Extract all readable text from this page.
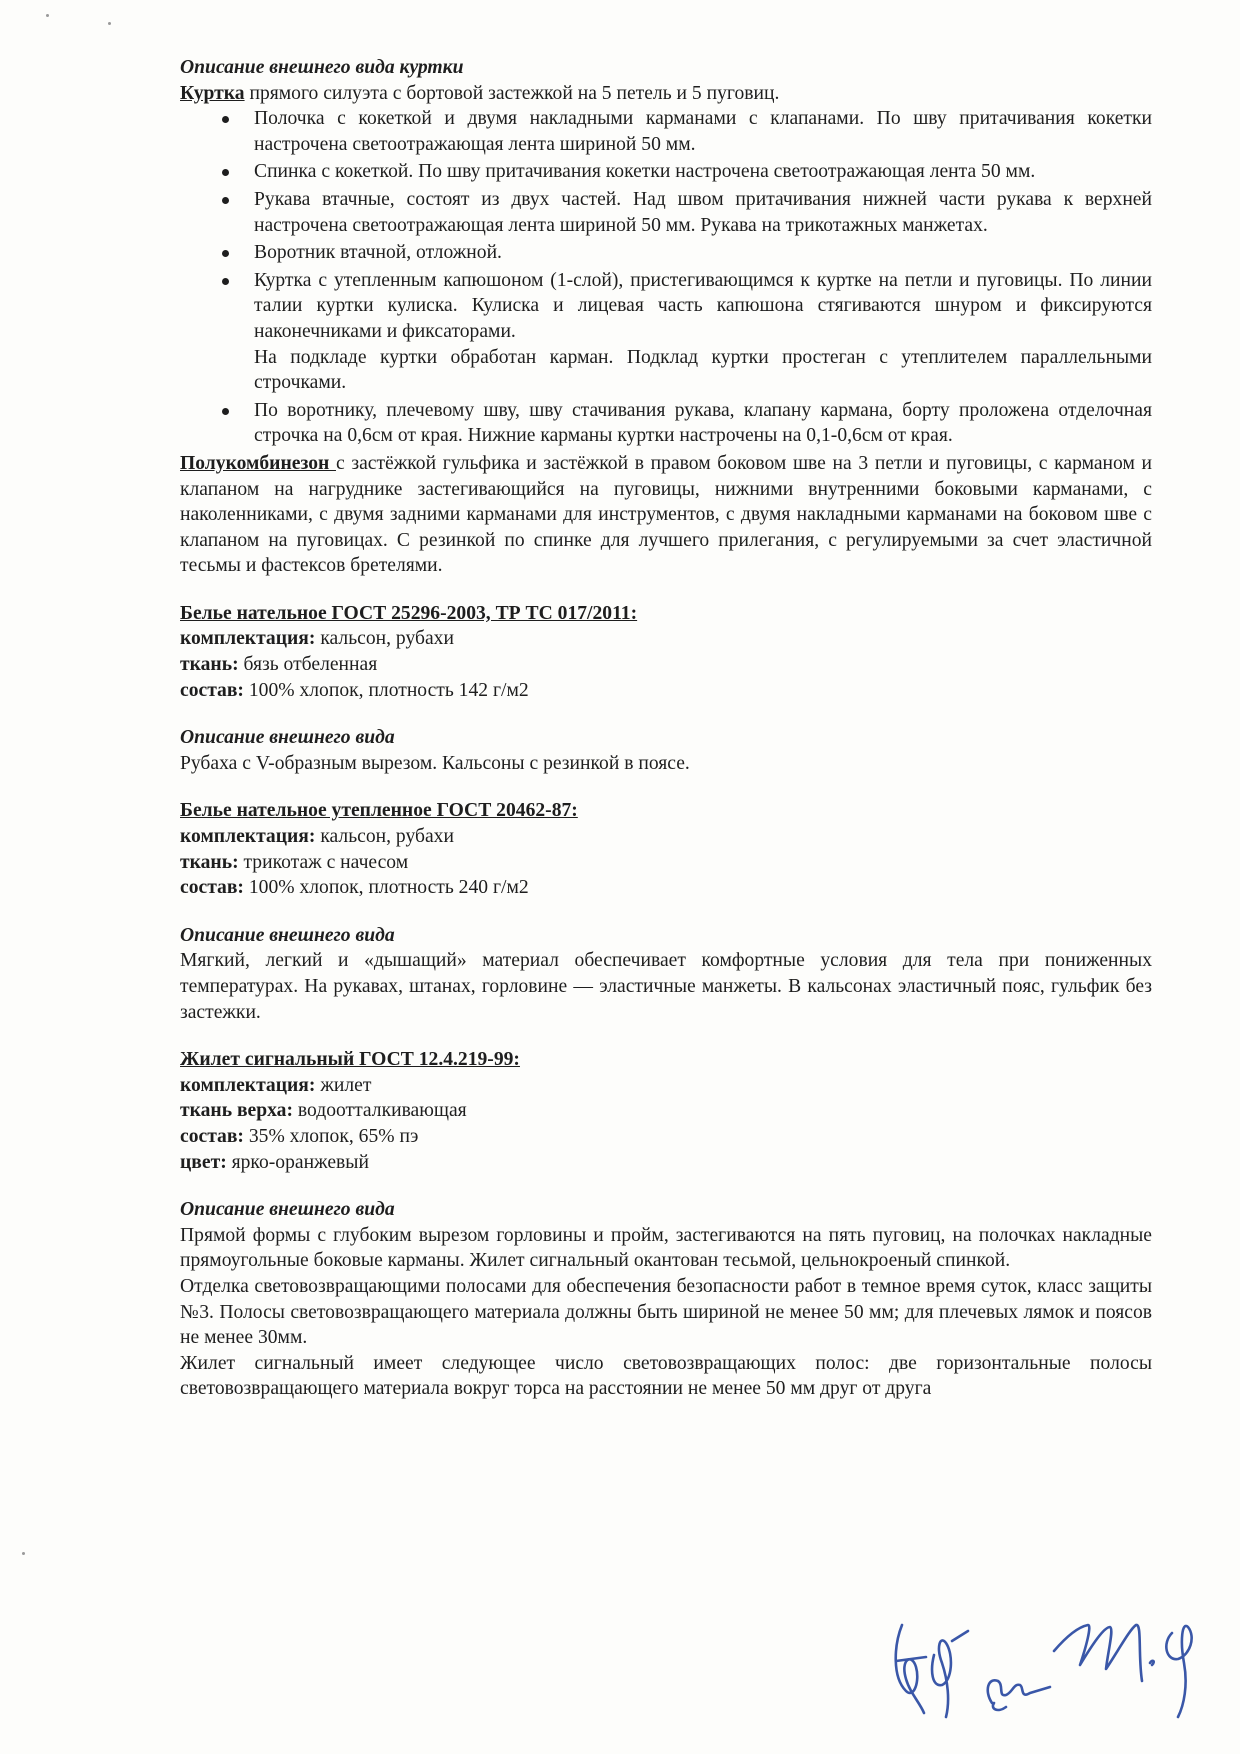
Описание внешнего вида куртки

Куртка прямого силуэта с бортовой застежкой на 5 петель и 5 пуговиц.

Полочка с кокеткой и двумя накладными карманами с клапанами. По шву притачивания кокетки настрочена светоотражающая лента шириной 50 мм.
Спинка с кокеткой. По шву притачивания кокетки настрочена светоотражающая лента 50 мм.
Рукава втачные, состоят из двух частей. Над швом притачивания нижней части рукава к верхней настрочена светоотражающая лента шириной 50 мм. Рукава на трикотажных манжетах.
Воротник втачной, отложной.
Куртка с утепленным капюшоном (1-слой), пристегивающимся к куртке на петли и пуговицы. По линии талии куртки кулиска. Кулиска и лицевая часть капюшона стягиваются шнуром и фиксируются наконечниками и фиксаторами.
На подкладе куртки обработан карман. Подклад куртки простеган с утеплителем параллельными строчками.
По воротнику, плечевому шву, шву стачивания рукава, клапану кармана, борту проложена отделочная строчка на 0,6см от края. Нижние карманы куртки настрочены на 0,1-0,6см от края.

Полукомбинезон с застёжкой гульфика и застёжкой в правом боковом шве на 3 петли и пуговицы, с карманом и клапаном на нагруднике застегивающийся на пуговицы, нижними внутренними боковыми карманами, с наколенниками, с двумя задними карманами для инструментов, с двумя накладными карманами на боковом шве с клапаном на пуговицах. С резинкой по спинке для лучшего прилегания, с регулируемыми за счет эластичной тесьмы и фастексов бретелями.

Белье нательное ГОСТ 25296-2003, ТР ТС 017/2011:

комплектация: кальсон, рубахи

ткань: бязь отбеленная

состав: 100% хлопок, плотность 142 г/м2

Описание внешнего вида

Рубаха с V-образным вырезом. Кальсоны с резинкой в поясе.

Белье нательное утепленное ГОСТ 20462-87:

комплектация: кальсон, рубахи

ткань: трикотаж с начесом

состав: 100% хлопок, плотность 240 г/м2

Описание внешнего вида

Мягкий, легкий и «дышащий» материал обеспечивает комфортные условия для тела при пониженных температурах. На рукавах, штанах, горловине — эластичные манжеты. В кальсонах эластичный пояс, гульфик без застежки.

Жилет сигнальный ГОСТ 12.4.219-99:

комплектация: жилет

ткань верха: водоотталкивающая

состав: 35% хлопок, 65% пэ

цвет: ярко-оранжевый

Описание внешнего вида

Прямой формы с глубоким вырезом горловины и пройм, застегиваются на пять пуговиц, на полочках накладные прямоугольные боковые карманы. Жилет сигнальный окантован тесьмой, цельнокроеный спинкой.

Отделка световозвращающими полосами для обеспечения безопасности работ в темное время суток, класс защиты №3. Полосы световозвращающего материала должны быть шириной не менее 50 мм; для плечевых лямок и поясов не менее 30мм.

Жилет сигнальный имеет следующее число световозвращающих полос: две горизонтальные полосы световозвращающего материала вокруг торса на расстоянии не менее 50 мм друг от друга
